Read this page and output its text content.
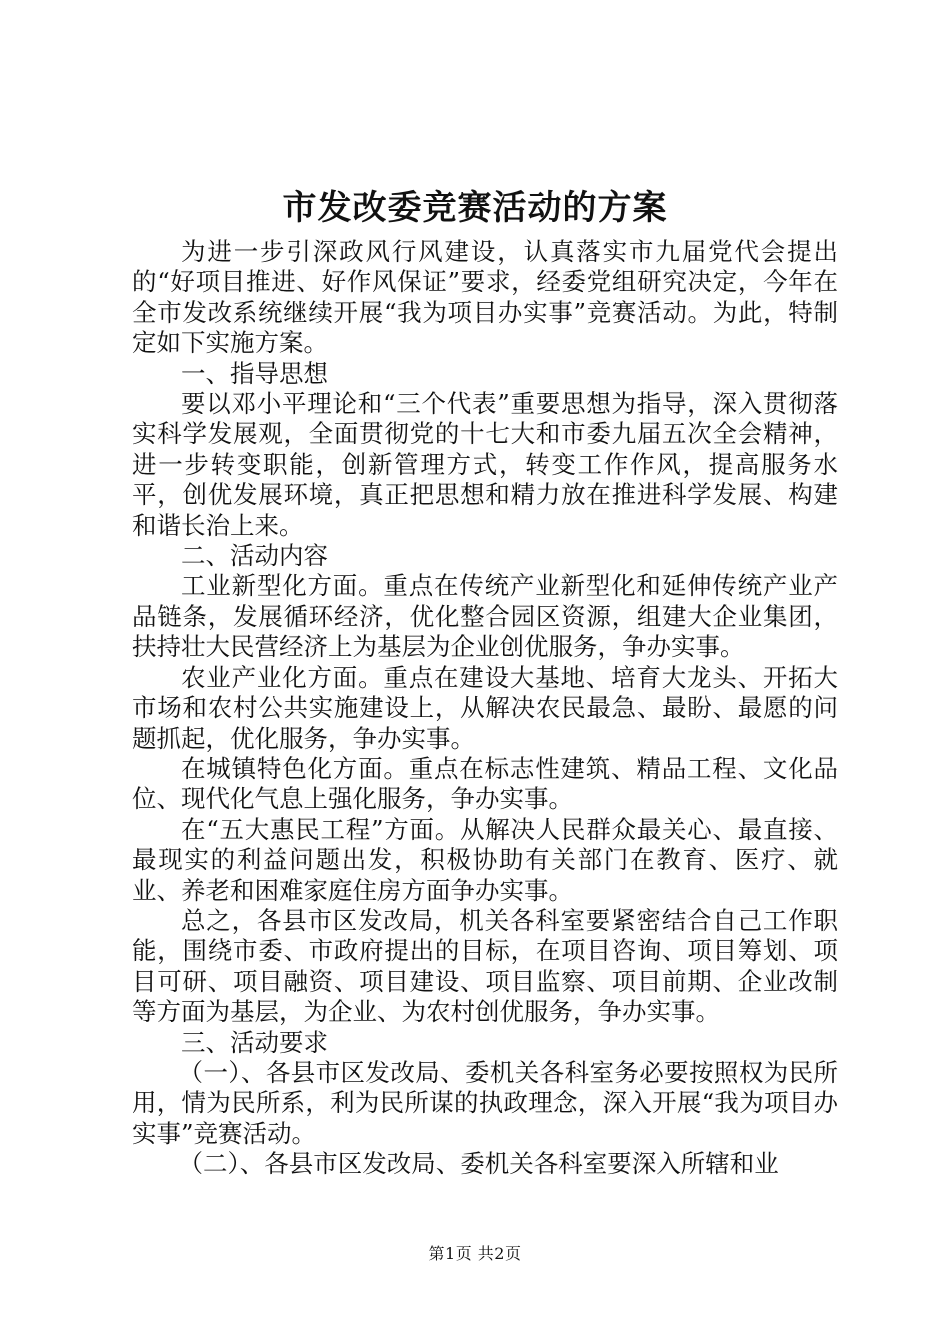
市发改委竞赛活动的方案

为进一步引深政风行风建设，认真落实市九届党代会提出的“好项目推进、好作风保证”要求，经委党组研究决定，今年在全市发改系统继续开展“我为项目办实事”竞赛活动。为此，特制定如下实施方案。

一、指导思想

要以邓小平理论和“三个代表”重要思想为指导，深入贯彻落实科学发展观，全面贯彻党的十七大和市委九届五次全会精神，进一步转变职能，创新管理方式，转变工作作风，提高服务水平，创优发展环境，真正把思想和精力放在推进科学发展、构建和谐长治上来。

二、活动内容

工业新型化方面。重点在传统产业新型化和延伸传统产业产品链条，发展循环经济，优化整合园区资源，组建大企业集团，扶持壮大民营经济上为基层为企业创优服务，争办实事。

农业产业化方面。重点在建设大基地、培育大龙头、开拓大市场和农村公共实施建设上，从解决农民最急、最盼、最愿的问题抓起，优化服务，争办实事。

在城镇特色化方面。重点在标志性建筑、精品工程、文化品位、现代化气息上强化服务，争办实事。

在“五大惠民工程”方面。从解决人民群众最关心、最直接、最现实的利益问题出发，积极协助有关部门在教育、医疗、就业、养老和困难家庭住房方面争办实事。

总之，各县市区发改局，机关各科室要紧密结合自己工作职能，围绕市委、市政府提出的目标，在项目咨询、项目筹划、项目可研、项目融资、项目建设、项目监察、项目前期、企业改制等方面为基层，为企业、为农村创优服务，争办实事。

三、活动要求

（一）、各县市区发改局、委机关各科室务必要按照权为民所用，情为民所系，利为民所谋的执政理念，深入开展“我为项目办实事”竞赛活动。

（二）、各县市区发改局、委机关各科室要深入所辖和业

第1页 共2页
